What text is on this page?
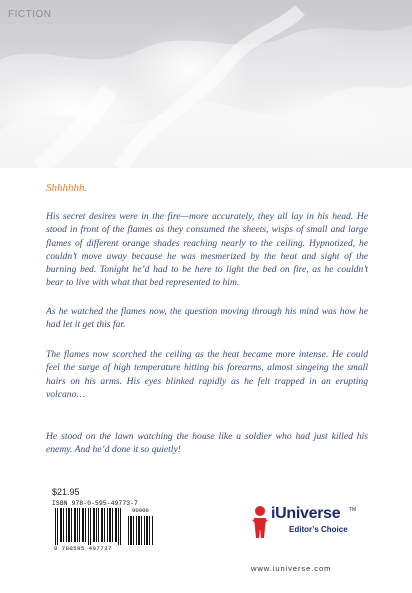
FICTION
Shhhhhh.

His secret desires were in the fire—more accurately, they all lay in his head. He stood in front of the flames as they consumed the sheets, wisps of small and large flames of different orange shades reaching nearly to the ceiling. Hypnotized, he couldn’t move away because he was mesmerized by the heat and sight of the burning bed. Tonight he’d had to be here to light the bed on fire, as he couldn’t bear to live with what that bed represented to him.

As he watched the flames now, the question moving through his mind was how he had let it get this far.

The flames now scorched the ceiling as the heat became more intense. He could feel the surge of high temperature hitting his forearms, almost singeing the small hairs on his arms. His eyes blinked rapidly as he felt trapped in an erupting volcano…

He stood on the lawn watching the house like a soldier who had just killed his enemy. And he’d done it so quietly!

$21.95

ISBN 978-0-595-49773-7
90000
9 780595 497737
iUniverse TM
Editor’s Choice
www.iuniverse.com
